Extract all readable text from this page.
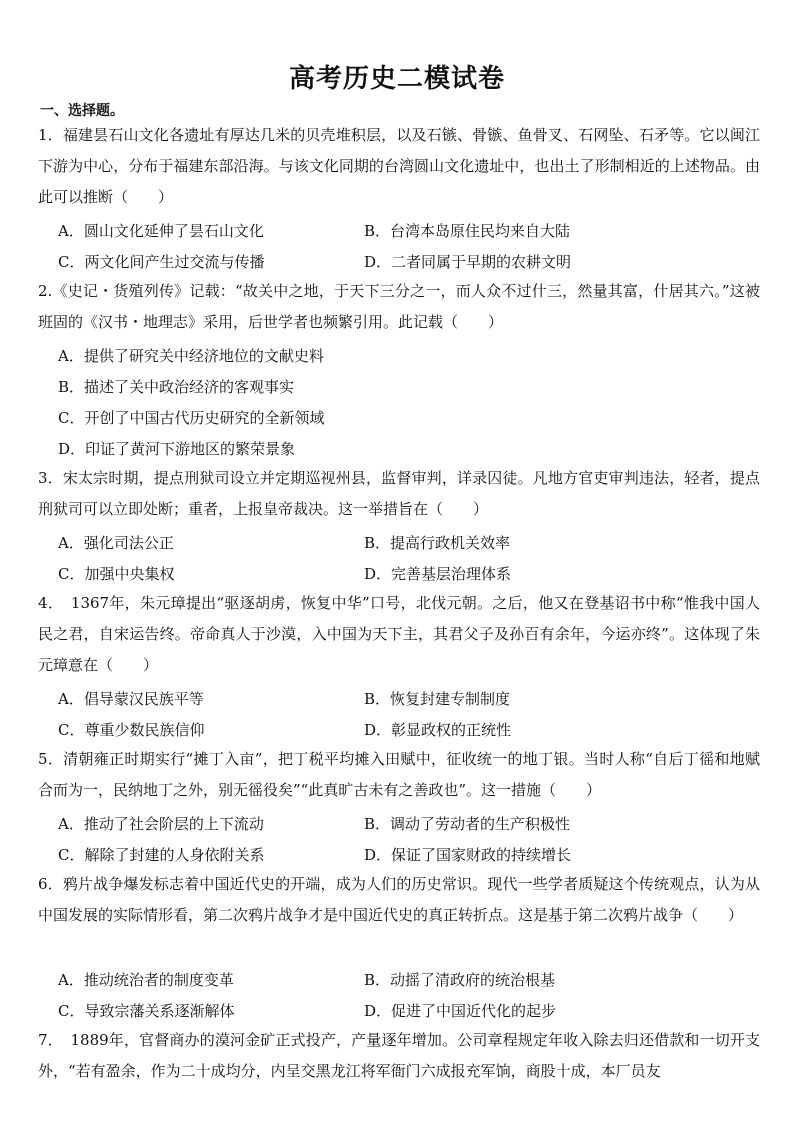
高考历史二模试卷
一、选择题。
1．福建昙石山文化各遗址有厚达几米的贝壳堆积层，以及石镞、骨镞、鱼骨叉、石网坠、石矛等。它以闽江下游为中心，分布于福建东部沿海。与该文化同期的台湾圆山文化遗址中，也出土了形制相近的上述物品。由此可以推断（　　）
A．圆山文化延伸了昙石山文化	B．台湾本岛原住民均来自大陆
C．两文化间产生过交流与传播	D．二者同属于早期的农耕文明
2.《史记・货殖列传》记载：“故关中之地，于天下三分之一，而人众不过什三，然量其富，什居其六。”这被班固的《汉书・地理志》采用，后世学者也频繁引用。此记载（　　）
A．提供了研究关中经济地位的文献史料
B．描述了关中政治经济的客观事实
C．开创了中国古代历史研究的全新领域
D．印证了黄河下游地区的繁荣景象
3．宋太宗时期，提点刑狱司设立并定期巡视州县，监督审判，详录囚徒。凡地方官吏审判违法，轻者，提点刑狱司可以立即处断；重者，上报皇帝裁决。这一举措旨在（　　）
A．强化司法公正	B．提高行政机关效率
C．加强中央集权	D．完善基层治理体系
4．　1367年，朱元璋提出“驱逐胡虏，恢复中华”口号，北伐元朝。之后，他又在登基诏书中称“惟我中国人民之君，自宋运告终。帝命真人于沙漠，入中国为天下主，其君父子及孙百有余年，今运亦终”。这体现了朱元璋意在（　　）
A．倡导蒙汉民族平等	B．恢复封建专制制度
C．尊重少数民族信仰	D．彰显政权的正统性
5．清朝雍正时期实行“摊丁入亩”，把丁税平均摊入田赋中，征收统一的地丁银。当时人称“自后丁徭和地赋合而为一，民纳地丁之外，别无徭役矣”“此真旷古未有之善政也”。这一措施（　　）
A．推动了社会阶层的上下流动	B．调动了劳动者的生产积极性
C．解除了封建的人身依附关系	D．保证了国家财政的持续增长
6．鸦片战争爆发标志着中国近代史的开端，成为人们的历史常识。现代一些学者质疑这个传统观点，认为从中国发展的实际情形看，第二次鸦片战争才是中国近代史的真正转折点。这是基于第二次鸦片战争（　　）
A．推动统治者的制度变革	B．动摇了清政府的统治根基
C．导致宗藩关系逐渐解体	D．促进了中国近代化的起步
7．　1889年，官督商办的漠河金矿正式投产，产量逐年增加。公司章程规定年收入除去归还借款和一切开支外，“若有盈余，作为二十成均分，内呈交黑龙江将军衙门六成报充军饷，商股十成，本厂员友
